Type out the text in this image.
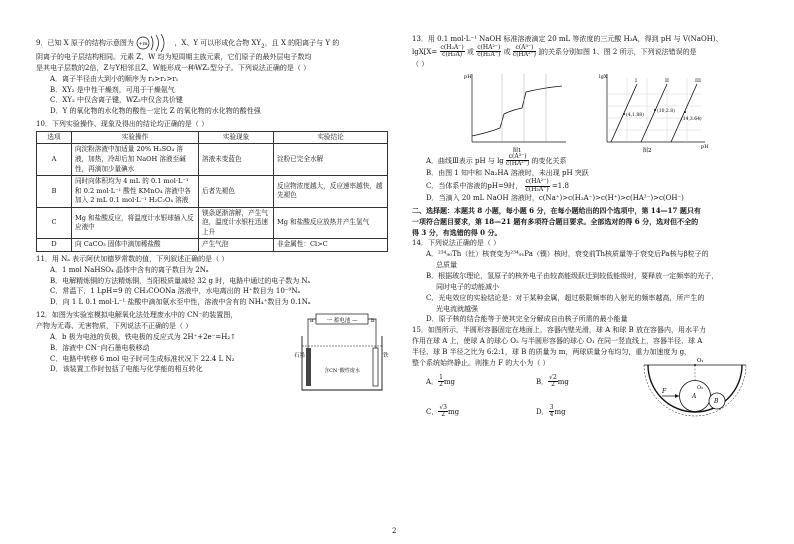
9．已知 X 原子的结构示意图为 +m	，X、Y 可以形成化合物 $XY_2$，且 X 的阳离子与 Y 的

阴离子的电子层结构相同。元素 Z、W 均为短周期主族元素，它们原子的最外层电子数均

是其电子层数的2倍，Z与Y相邻且Z、W能形成一种WZ₂型分子。下列说法正确的是（ ）

A．离子半径由大到小的顺序为 r₃>r₂>r₁

B．XY₂ 是中性干燥剂，可用于干燥氨气

C．XY₂ 中仅含离子键，WZ₂中仅含共价键

D．Y 的氧化物的水化物的酸性一定比 Z 的氧化物的水化物的酸性强

10．下列实验操作、现象及得出的结论均正确的是（ ）

选项	实验操作	实验现象	实验结论
A	向淀粉溶液中加适量 20% H₂SO₄ 溶液，加热，冷却后加 NaOH 溶液至碱性，再滴加少量碘水	溶液未变蓝色	淀粉已完全水解
B	同时向体积均为 4 mL 的 0.1 mol·L⁻¹ 和 0.2 mol·L⁻¹ 酸性 KMnO₄ 溶液中各加入 2 mL 0.1 mol·L⁻¹ H₂C₂O₄ 溶液	后者先褪色	反应物浓度越大，反应速率越快，越先褪色
C	Mg 和盐酸反应，将温度计水银球插入反应液中	镁条逐渐溶解，产生气泡，温度计水银柱迅速上升	Mg 和盐酸反应放热并产生氢气
D	向 CaCO₃ 固体中滴加稀盐酸	产生气泡	非金属性：Cl>C

11．用 Nₐ 表示阿伏加德罗常数的值，下列叙述正确的是（ ）

A．1 mol NaHSO₄ 晶体中含有的离子数目为 2Nₐ

B．电解精炼铜的方法精炼铜，当阳极质量减轻 32 g 时，电路中通过的电子数为 Nₐ

C．常温下，1 LpH=9 的 CH₃COONa 溶液中，水电离出的 H⁺数目为 10⁻⁹Nₐ

D．向 1 L 0.1 mol·L⁻¹ 盐酸中滴加氨水至中性，溶液中含有的 NH₄⁺数目为 0.1Nₐ

12．如图为实验室模拟电解氧化法处理废水中的 CN⁻的装置图，

产物为无毒、无害物质，下列说法不正确的是（ ）

A．b 极为电池的负极，铁电极的反应式为 2H⁺+2e⁻=H₂↑

B．溶液中 CN⁻向石墨电极移动

C．电路中转移 6 mol 电子时可生成标准状况下 22.4 L N₂

D．该装置工作时包括了电能与化学能的相互转化

一 蓄电池 —
a	b
石墨	铁
含CN⁻酸性废水

13．用 0.1 mol·L⁻¹ NaOH 标准溶液滴定 20 mL 等浓度的三元酸 H₃A，得到 pH 与 V(NaOH)、

$\lg X[X= \frac{\text{c(H₂A⁻)}}{\text{c(H₃A)}}$ 或 $\frac{\text{c(HA²⁻)}}{\text{c(H₂A⁻)}}$ 或 $\frac{\text{c(A³⁻)}}{\text{c(HA²⁻)}}$ ]的关系分别如图 1、图 2 所示，下列说法错误的是

（ ）

pH
图1
lgX
pH
I	II	III
(4,1.88)
(10,2.8)
(14,3.64)
图2

A．曲线Ⅲ表示 pH 与 $\lg \frac{\text{c(A³⁻)}}{\text{c(HA²⁻)}}$ 的变化关系

B．由图 1 知中和 Na₂HA 溶液时，未出现 pH 突跃

C．当体系中溶液的pH=9时， $\frac{\text{c(HA²⁻)}}{\text{c(H₂A⁻)}} =1.8$

D．当滴入 20 mL NaOH 溶液时，c(Na⁺)>c(H₂A⁻)>c(H⁺)>c(HA²⁻)>c(OH⁻)

二、选择题：本题共 8 小题，每小题 6 分，在每小题给出的四个选项中，第 14—17 题只有

一项符合题目要求，第 18—21 题有多项符合题目要求。全部选对的得 6 分，选对但不全的

得 3 分，有选错的得 0 分。

14．下列说法正确的是（ ）

A．²³⁴₉₀Th（钍）核衰变为²³⁴₉₁Pa（镤）核时，衰变前Th核质量等于衰变后Pa核与β粒子的

总质量

B．根据玻尔理论，氢原子的核外电子由较高能级跃迁到较低能级时，要释放一定频率的光子，

同时电子的动能减小

C．光电效应的实验结论是：对于某种金属，超过极限频率的入射光的频率越高，所产生的

光电流就越强

D．原子核的结合能等于使其完全分解成自由核子所需的最小能量

15．如图所示，半圆形容器固定在地面上，容器内壁光滑，球 A 和球 B 放在容器内，用水平力

作用在球 A 上，使球 A 的球心 O₂ 与半圆形容器的球心 O₁ 在同一竖直线上，容器半径、球 A

半径、球 B 半径之比为 6:2:1，球 B 的质量为 m，两球质量分布均匀，重力加速度为 g，

整个系统始终静止。则推力 F 的大小为（ ）

A． $\frac{1}{2}$ mg	B． $\frac{√2}{2}$ mg
C． $\frac{√3}{2}$ mg	D． $\frac{3}{4}$ mg
O₁
A
O₂
B
F
2
